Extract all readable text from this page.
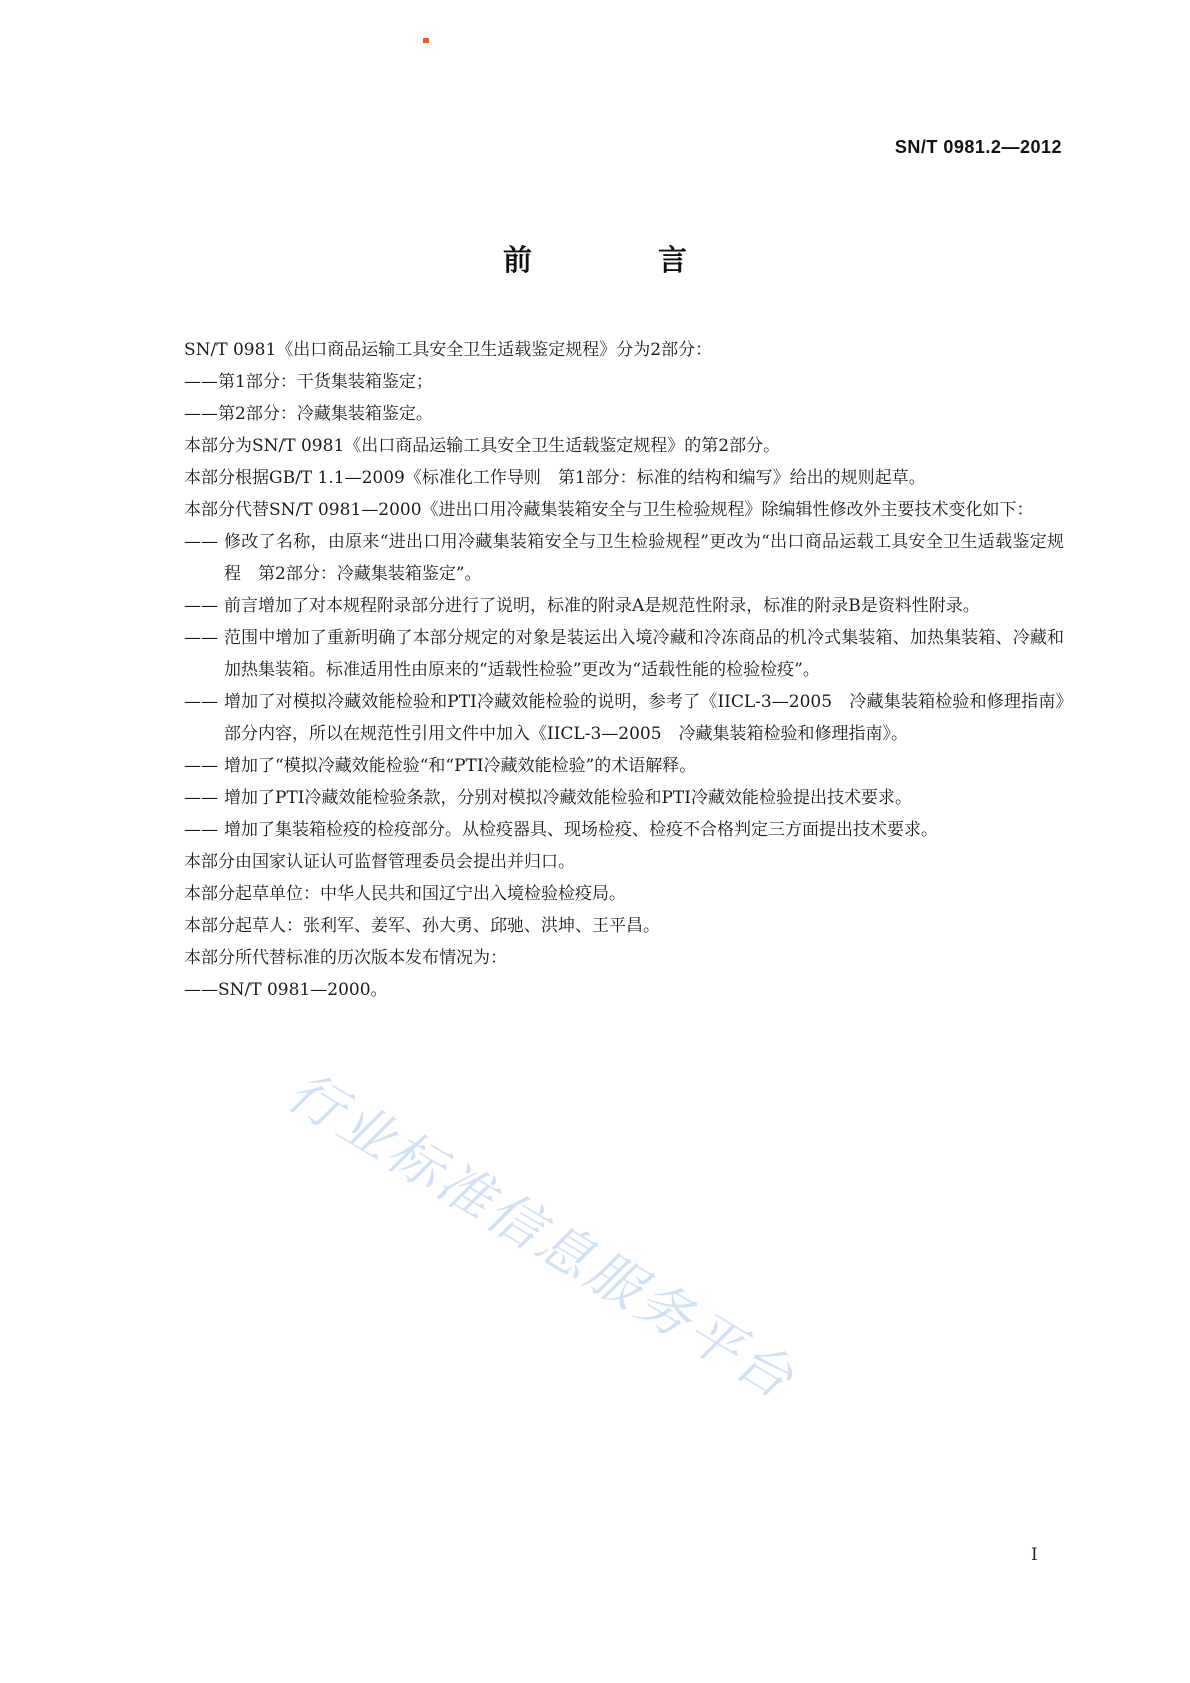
SN/T 0981.2—2012
前 言

SN/T 0981《出口商品运输工具安全卫生适载鉴定规程》分为2部分：

——第1部分：干货集装箱鉴定；

——第2部分：冷藏集装箱鉴定。

本部分为SN/T 0981《出口商品运输工具安全卫生适载鉴定规程》的第2部分。

本部分根据GB/T 1.1—2009《标准化工作导则　第1部分：标准的结构和编写》给出的规则起草。

本部分代替SN/T 0981—2000《进出口用冷藏集装箱安全与卫生检验规程》除编辑性修改外主要技术变化如下：

—— 修改了名称，由原来“进出口用冷藏集装箱安全与卫生检验规程”更改为“出口商品运载工具安全卫生适载鉴定规程　第2部分：冷藏集装箱鉴定”。
—— 前言增加了对本规程附录部分进行了说明，标准的附录A是规范性附录，标准的附录B是资料性附录。
—— 范围中增加了重新明确了本部分规定的对象是装运出入境冷藏和冷冻商品的机冷式集装箱、加热集装箱、冷藏和加热集装箱。标准适用性由原来的“适载性检验”更改为“适载性能的检验检疫”。
—— 增加了对模拟冷藏效能检验和PTI冷藏效能检验的说明，参考了《IICL-3—2005　冷藏集装箱检验和修理指南》部分内容，所以在规范性引用文件中加入《IICL-3—2005　冷藏集装箱检验和修理指南》。
—— 增加了“模拟冷藏效能检验“和“PTI冷藏效能检验”的术语解释。
—— 增加了PTI冷藏效能检验条款，分别对模拟冷藏效能检验和PTI冷藏效能检验提出技术要求。
—— 增加了集装箱检疫的检疫部分。从检疫器具、现场检疫、检疫不合格判定三方面提出技术要求。

本部分由国家认证认可监督管理委员会提出并归口。

本部分起草单位：中华人民共和国辽宁出入境检验检疫局。

本部分起草人：张利军、姜军、孙大勇、邱驰、洪坤、王平昌。

本部分所代替标准的历次版本发布情况为：

——SN/T 0981—2000。

行业标准信息服务平台
I
